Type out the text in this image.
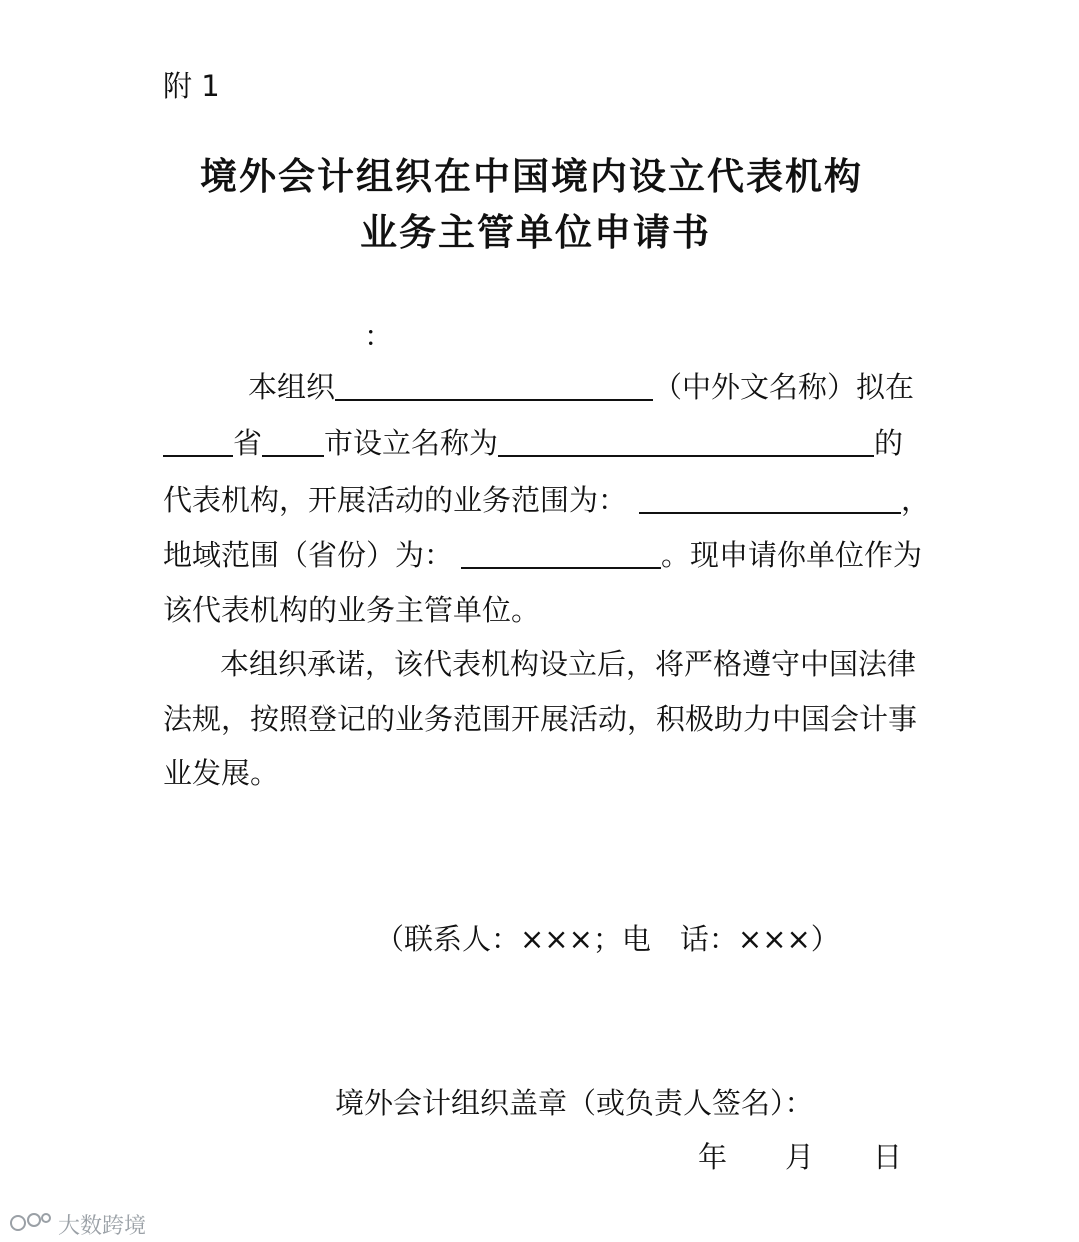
附 1
境外会计组织在中国境内设立代表机构
业务主管单位申请书
：
本组织	（中外文名称）拟在
省 市设立名称为	的
代表机构，开展活动的业务范围为：	，
地域范围（省份）为：	。现申请你单位作为
该代表机构的业务主管单位。
本组织承诺，该代表机构设立后，将严格遵守中国法律
法规，按照登记的业务范围开展活动，积极助力中国会计事
业发展。
（联系人：×××；电　话：×××）
境外会计组织盖章（或负责人签名）：
年 月 日
大数跨境
